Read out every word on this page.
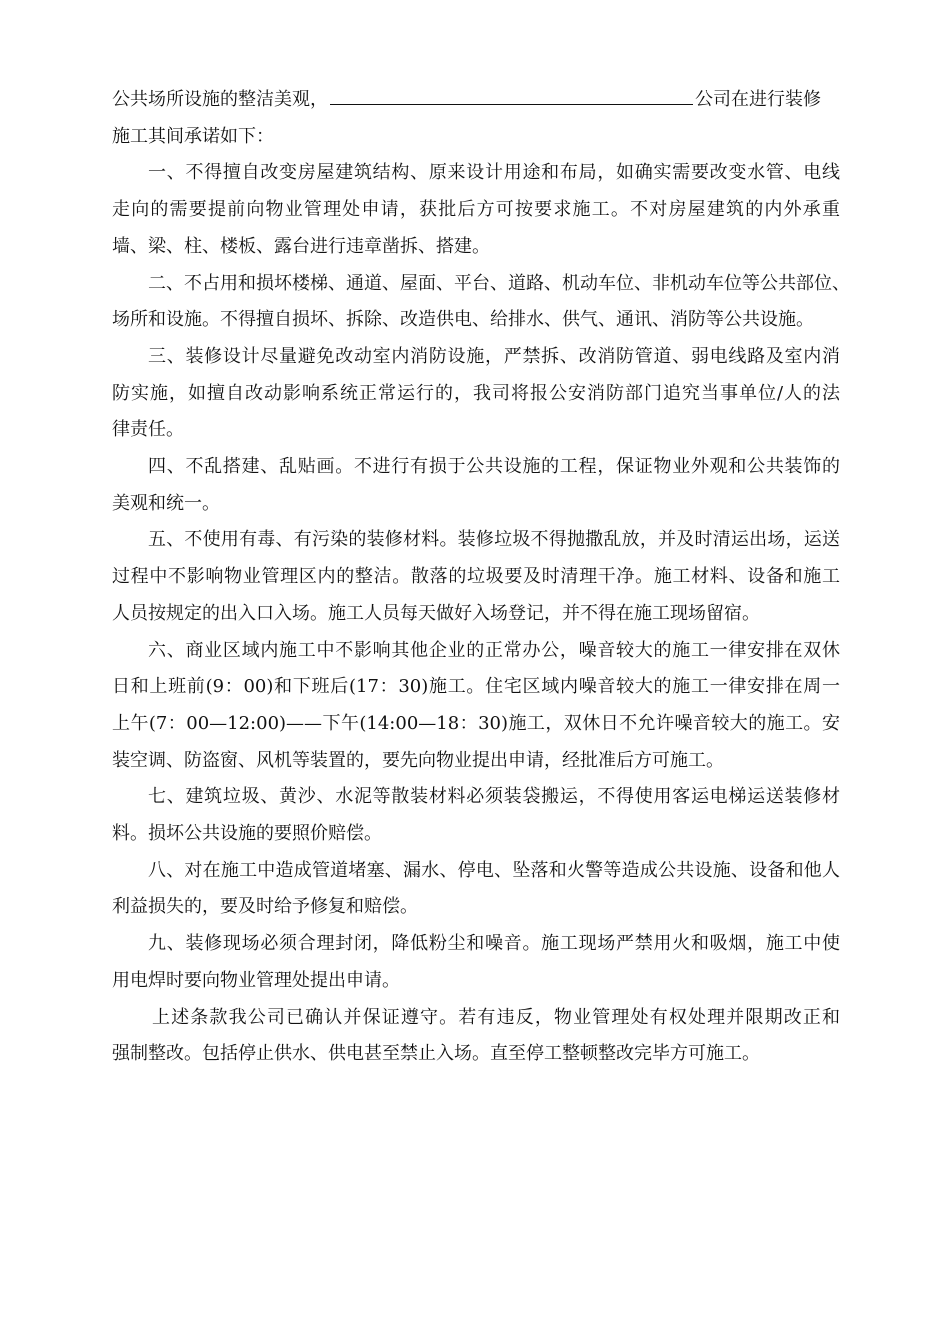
公共场所设施的整洁美观，	公司在进行装修
施工其间承诺如下：
一、不得擅自改变房屋建筑结构、原来设计用途和布局，如确实需要改变水管、电线
走向的需要提前向物业管理处申请，获批后方可按要求施工。不对房屋建筑的内外承重
墙、梁、柱、楼板、露台进行违章凿拆、搭建。
二、不占用和损坏楼梯、通道、屋面、平台、道路、机动车位、非机动车位等公共部位、
场所和设施。不得擅自损坏、拆除、改造供电、给排水、供气、通讯、消防等公共设施。
三、装修设计尽量避免改动室内消防设施，严禁拆、改消防管道、弱电线路及室内消
防实施，如擅自改动影响系统正常运行的，我司将报公安消防部门追究当事单位/人的法
律责任。
四、不乱搭建、乱贴画。不进行有损于公共设施的工程，保证物业外观和公共装饰的
美观和统一。
五、不使用有毒、有污染的装修材料。装修垃圾不得抛撒乱放，并及时清运出场，运送
过程中不影响物业管理区内的整洁。散落的垃圾要及时清理干净。施工材料、设备和施工
人员按规定的出入口入场。施工人员每天做好入场登记，并不得在施工现场留宿。
六、商业区域内施工中不影响其他企业的正常办公，噪音较大的施工一律安排在双休
日和上班前(9：00)和下班后(17：30)施工。住宅区域内噪音较大的施工一律安排在周一
上午(7：00—12:00)——下午(14:00—18：30)施工，双休日不允许噪音较大的施工。安
装空调、防盗窗、风机等装置的，要先向物业提出申请，经批准后方可施工。
七、建筑垃圾、黄沙、水泥等散装材料必须装袋搬运，不得使用客运电梯运送装修材
料。损坏公共设施的要照价赔偿。
八、对在施工中造成管道堵塞、漏水、停电、坠落和火警等造成公共设施、设备和他人
利益损失的，要及时给予修复和赔偿。
九、装修现场必须合理封闭，降低粉尘和噪音。施工现场严禁用火和吸烟，施工中使
用电焊时要向物业管理处提出申请。
上述条款我公司已确认并保证遵守。若有违反，物业管理处有权处理并限期改正和
强制整改。包括停止供水、供电甚至禁止入场。直至停工整顿整改完毕方可施工。
